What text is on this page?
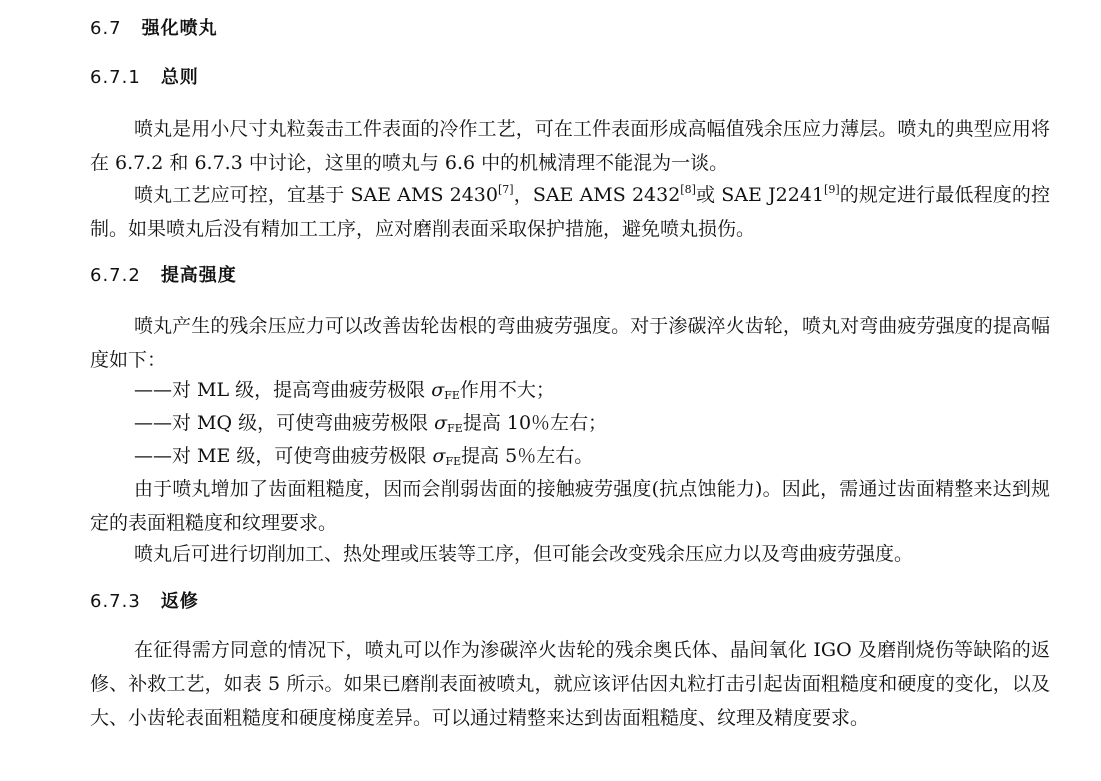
6.7 强化喷丸
6.7.1 总则

喷丸是用小尺寸丸粒轰击工件表面的冷作工艺，可在工件表面形成高幅值残余压应力薄层。喷丸的典型应用将在 6.7.2 和 6.7.3 中讨论，这里的喷丸与 6.6 中的机械清理不能混为一谈。

喷丸工艺应可控，宜基于 SAE AMS 2430[7]，SAE AMS 2432[8]或 SAE J2241[9]的规定进行最低程度的控制。如果喷丸后没有精加工工序，应对磨削表面采取保护措施，避免喷丸损伤。

6.7.2 提高强度

喷丸产生的残余压应力可以改善齿轮齿根的弯曲疲劳强度。对于渗碳淬火齿轮，喷丸对弯曲疲劳强度的提高幅度如下：

——对 ML 级，提高弯曲疲劳极限 $\sigma_{FE}$作用不大；
——对 MQ 级，可使弯曲疲劳极限 $\sigma_{FE}$提高 10％左右；
——对 ME 级，可使弯曲疲劳极限 $\sigma_{FE}$提高 5％左右。

由于喷丸增加了齿面粗糙度，因而会削弱齿面的接触疲劳强度(抗点蚀能力)。因此，需通过齿面精整来达到规定的表面粗糙度和纹理要求。

喷丸后可进行切削加工、热处理或压装等工序，但可能会改变残余压应力以及弯曲疲劳强度。

6.7.3 返修

在征得需方同意的情况下，喷丸可以作为渗碳淬火齿轮的残余奥氏体、晶间氧化 IGO 及磨削烧伤等缺陷的返修、补救工艺，如表 5 所示。如果已磨削表面被喷丸，就应该评估因丸粒打击引起齿面粗糙度和硬度的变化，以及大、小齿轮表面粗糙度和硬度梯度差异。可以通过精整来达到齿面粗糙度、纹理及精度要求。
